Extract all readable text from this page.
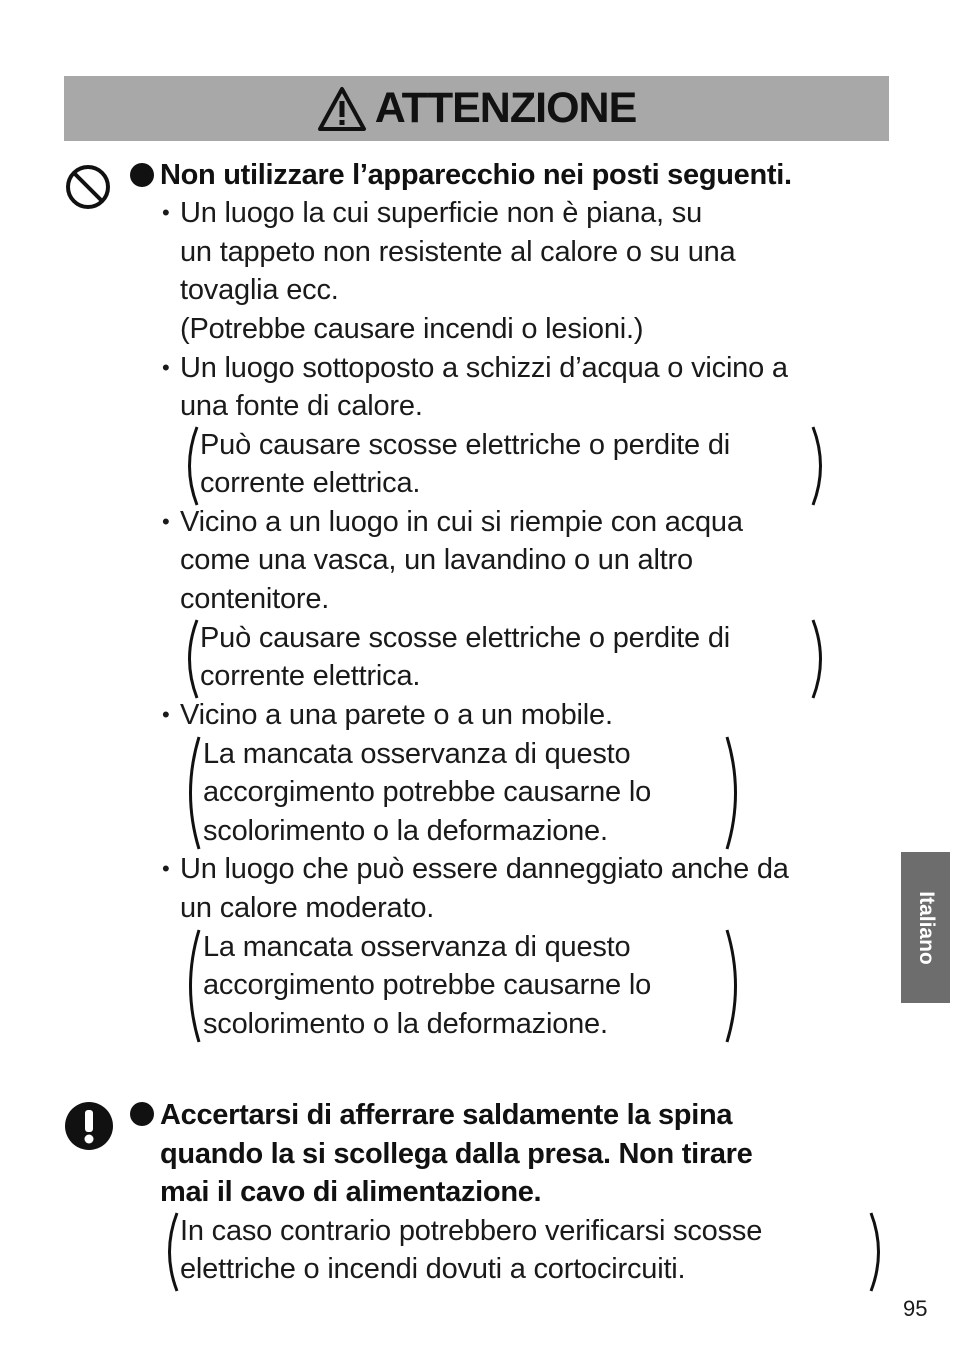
ATTENZIONE
Non utilizzare l’apparecchio nei posti seguenti.
• Un luogo la cui superficie non è piana, su
un tappeto non resistente al calore o su una
tovaglia ecc.
(Potrebbe causare incendi o lesioni.)
• Un luogo sottoposto a schizzi d’acqua o vicino a
una fonte di calore.
Può causare scosse elettriche o perdite di
corrente elettrica.
• Vicino a un luogo in cui si riempie con acqua
come una vasca, un lavandino o un altro
contenitore.
Può causare scosse elettriche o perdite di
corrente elettrica.
• Vicino a una parete o a un mobile.
La mancata osservanza di questo
accorgimento potrebbe causarne lo
scolorimento o la deformazione.
• Un luogo che può essere danneggiato anche da
un calore moderato.
La mancata osservanza di questo
accorgimento potrebbe causarne lo
scolorimento o la deformazione.
Accertarsi di afferrare saldamente la spina
quando la si scollega dalla presa. Non tirare
mai il cavo di alimentazione.
In caso contrario potrebbero verificarsi scosse
elettriche o incendi dovuti a cortocircuiti.
Italiano
95
